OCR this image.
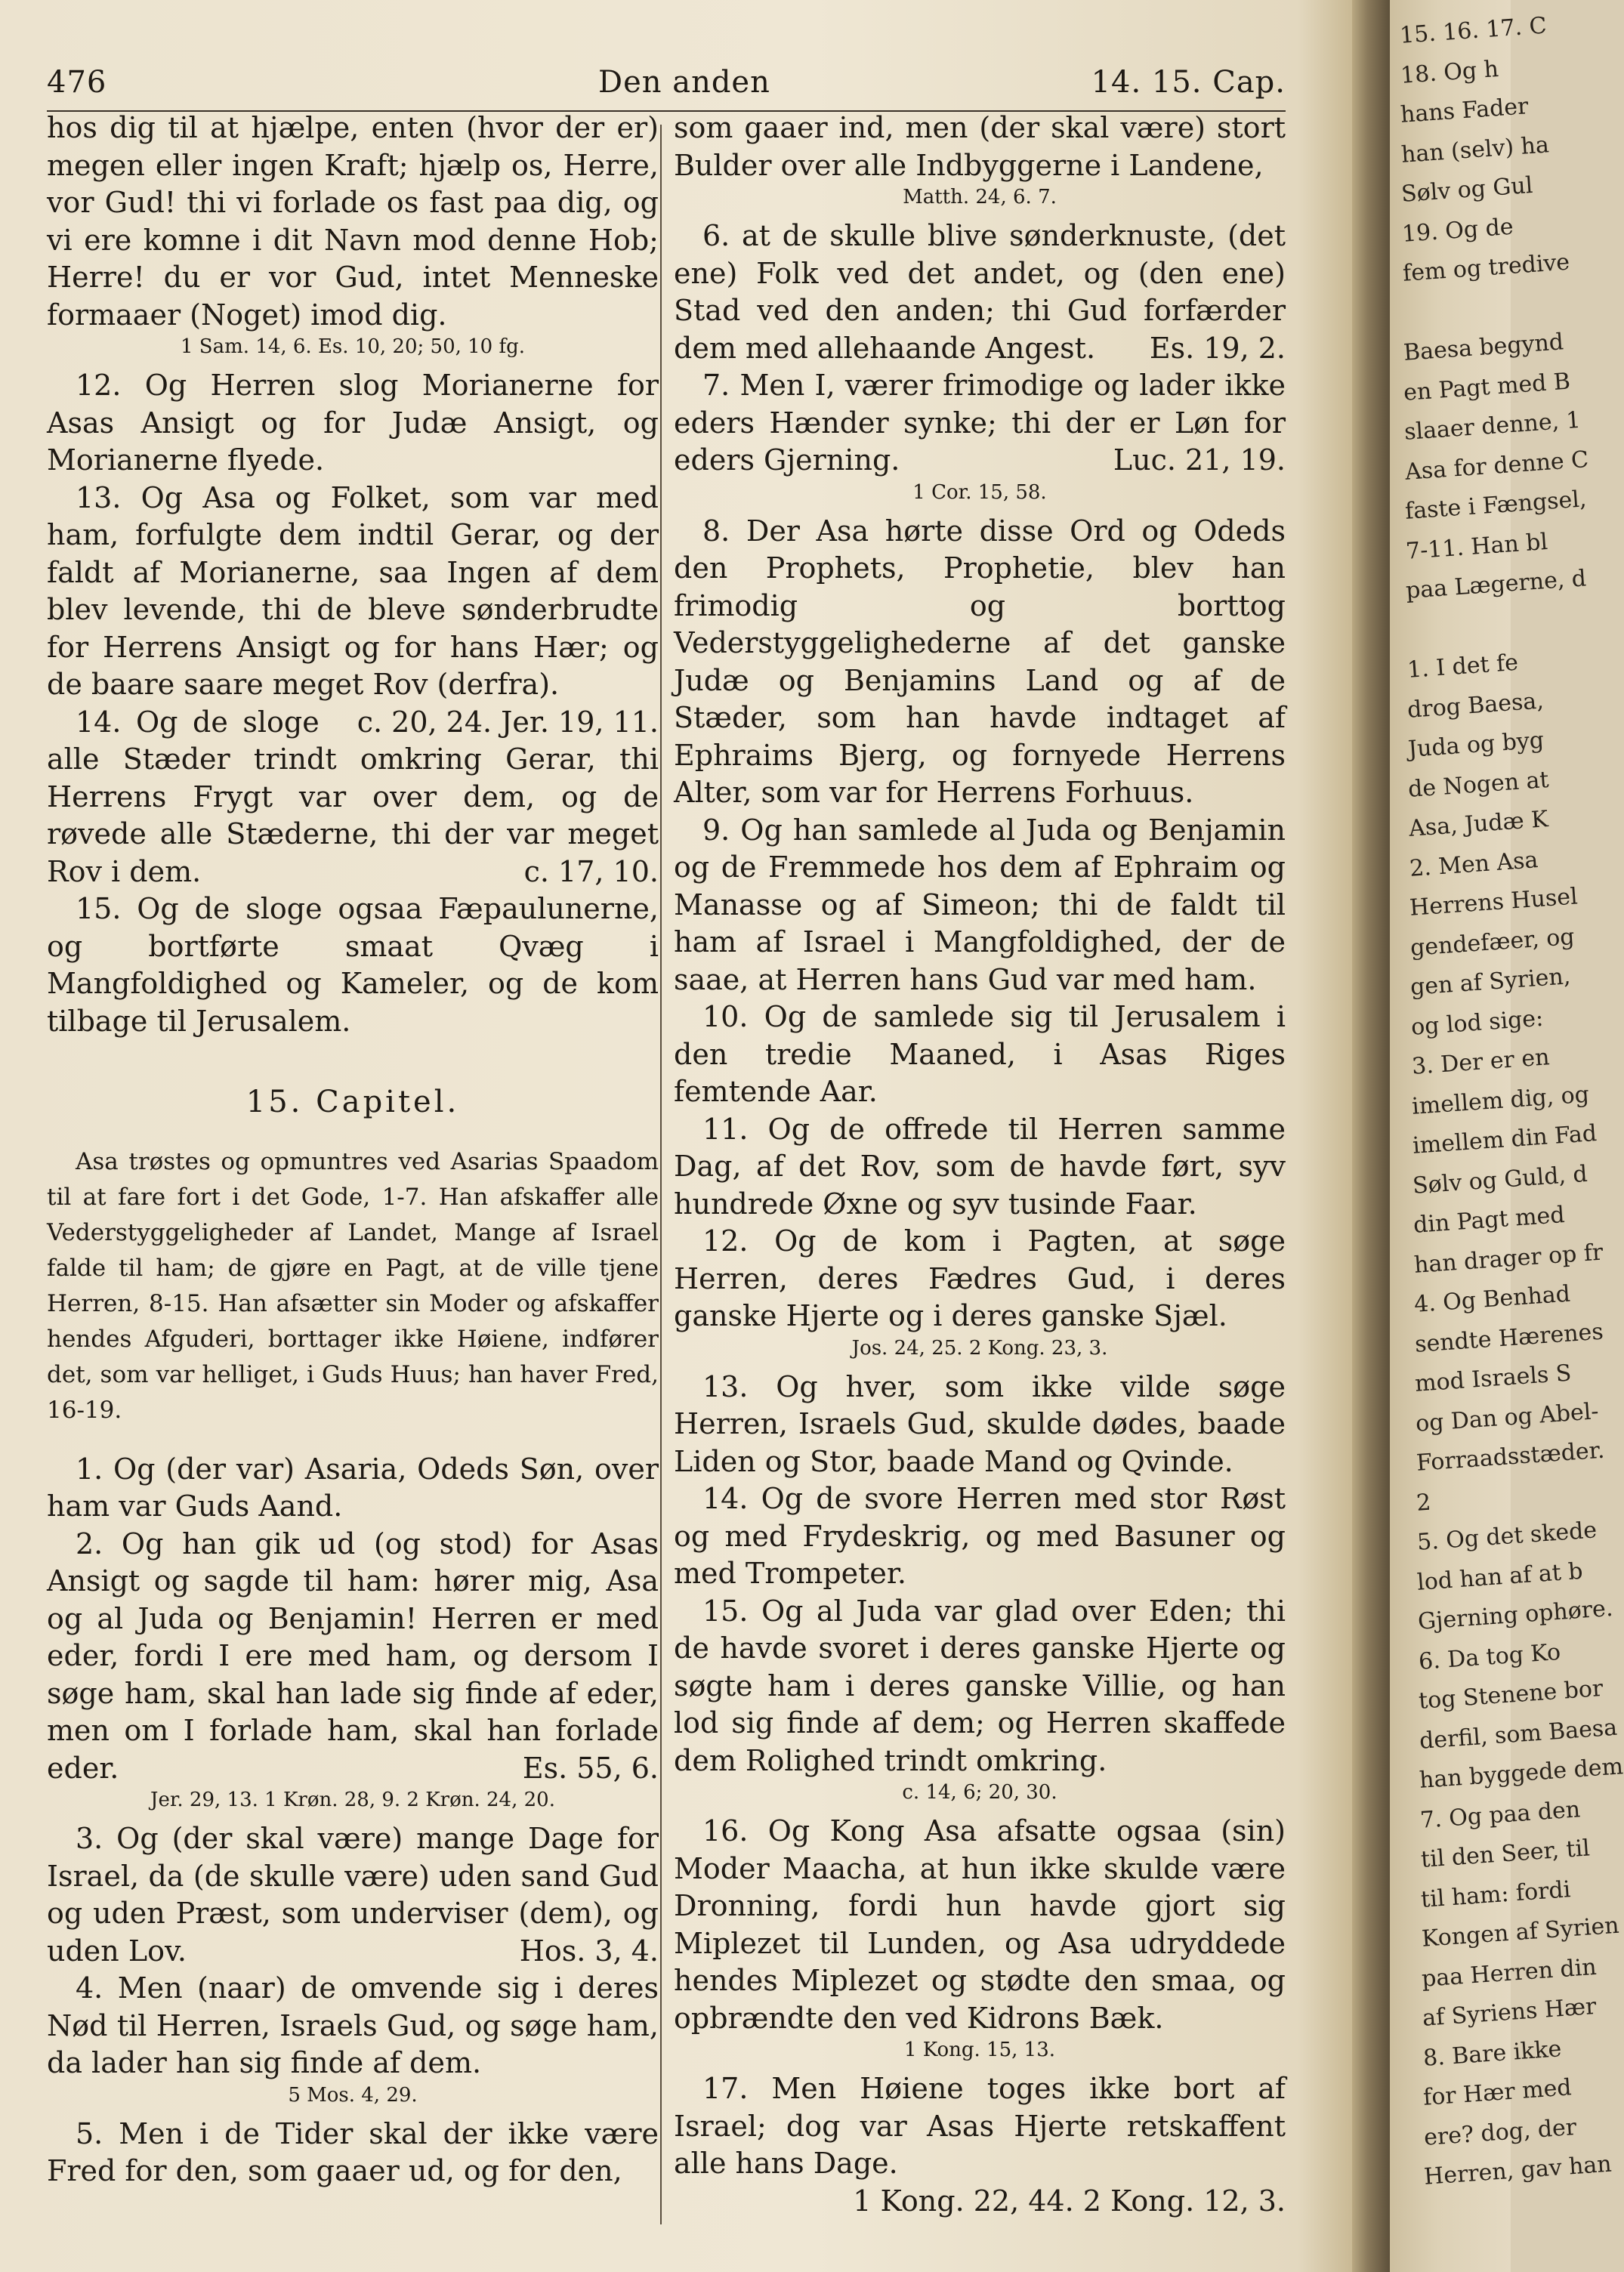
476	Den anden	14. 15. Cap.

hos dig til at hjælpe, enten (hvor der er) megen eller ingen Kraft; hjælp os, Herre, vor Gud! thi vi forlade os fast paa dig, og vi ere komne i dit Navn mod denne Hob; Herre! du er vor Gud, intet Menneske formaaer (Noget) imod dig.

1 Sam. 14, 6. Es. 10, 20; 50, 10 fg.

12. Og Herren slog Morianerne for Asas Ansigt og for Judæ Ansigt, og Morianerne flyede.

13. Og Asa og Folket, som var med ham, forfulgte dem indtil Gerar, og der faldt af Morianerne, saa Ingen af dem blev levende, thi de bleve sønderbrudte for Herrens Ansigt og for hans Hær; og de baare saare meget Rov (derfra).
c. 20, 24. Jer. 19, 11.

14. Og de sloge alle Stæder trindt omkring Gerar, thi Herrens Frygt var over dem, og de røvede alle Stæderne, thi der var meget Rov i dem.	c. 17, 10.

15. Og de sloge ogsaa Fæpaulunerne, og bortførte smaat Qvæg i Mangfoldighed og Kameler, og de kom tilbage til Jerusalem.

15. Capitel.

Asa trøstes og opmuntres ved Asarias Spaadom til at fare fort i det Gode, 1-7. Han afskaffer alle Vederstyggeligheder af Landet, Mange af Israel falde til ham; de gjøre en Pagt, at de ville tjene Herren, 8-15. Han afsætter sin Moder og afskaffer hendes Afguderi, borttager ikke Høiene, indfører det, som var helliget, i Guds Huus; han haver Fred, 16-19.

1. Og (der var) Asaria, Odeds Søn, over ham var Guds Aand.

2. Og han gik ud (og stod) for Asas Ansigt og sagde til ham: hører mig, Asa og al Juda og Benjamin! Herren er med eder, fordi I ere med ham, og dersom I søge ham, skal han lade sig finde af eder, men om I forlade ham, skal han forlade eder.	Es. 55, 6.

Jer. 29, 13. 1 Krøn. 28, 9. 2 Krøn. 24, 20.

3. Og (der skal være) mange Dage for Israel, da (de skulle være) uden sand Gud og uden Præst, som underviser (dem), og uden Lov.	Hos. 3, 4.

4. Men (naar) de omvende sig i deres Nød til Herren, Israels Gud, og søge ham, da lader han sig finde af dem.

5 Mos. 4, 29.

5. Men i de Tider skal der ikke være Fred for den, som gaaer ud, og for den,

som gaaer ind, men (der skal være) stort Bulder over alle Indbyggerne i Landene,

Matth. 24, 6. 7.

6. at de skulle blive sønderknuste, (det ene) Folk ved det andet, og (den ene) Stad ved den anden; thi Gud forfærder dem med allehaande Angest.	Es. 19, 2.

7. Men I, værer frimodige og lader ikke eders Hænder synke; thi der er Løn for eders Gjerning.	Luc. 21, 19.

1 Cor. 15, 58.

8. Der Asa hørte disse Ord og Odeds den Prophets, Prophetie, blev han frimodig og borttog Vederstyggelighederne af det ganske Judæ og Benjamins Land og af de Stæder, som han havde indtaget af Ephraims Bjerg, og fornyede Herrens Alter, som var for Herrens Forhuus.

9. Og han samlede al Juda og Benjamin og de Fremmede hos dem af Ephraim og Manasse og af Simeon; thi de faldt til ham af Israel i Mangfoldighed, der de saae, at Herren hans Gud var med ham.

10. Og de samlede sig til Jerusalem i den tredie Maaned, i Asas Riges femtende Aar.

11. Og de offrede til Herren samme Dag, af det Rov, som de havde ført, syv hundrede Øxne og syv tusinde Faar.

12. Og de kom i Pagten, at søge Herren, deres Fædres Gud, i deres ganske Hjerte og i deres ganske Sjæl.

Jos. 24, 25. 2 Kong. 23, 3.

13. Og hver, som ikke vilde søge Herren, Israels Gud, skulde dødes, baade Liden og Stor, baade Mand og Qvinde.

14. Og de svore Herren med stor Røst og med Frydeskrig, og med Basuner og med Trompeter.

15. Og al Juda var glad over Eden; thi de havde svoret i deres ganske Hjerte og søgte ham i deres ganske Villie, og han lod sig finde af dem; og Herren skaffede dem Rolighed trindt omkring.

c. 14, 6; 20, 30.

16. Og Kong Asa afsatte ogsaa (sin) Moder Maacha, at hun ikke skulde være Dronning, fordi hun havde gjort sig Miplezet til Lunden, og Asa udryddede hendes Miplezet og stødte den smaa, og opbrændte den ved Kidrons Bæk.

1 Kong. 15, 13.

17. Men Høiene toges ikke bort af Israel; dog var Asas Hjerte retskaffent alle hans Dage.
1 Kong. 22, 44. 2 Kong. 12, 3.

15. 16. 17. C
18. Og h
hans Fader
han (selv) ha
Sølv og Gul
19. Og de
fem og tredive
Baesa begynd
en Pagt med B
slaaer denne, 1
Asa for denne C
faste i Fængsel,
7-11. Han bl
paa Lægerne, d
1. I det fe
drog Baesa,
Juda og byg
de Nogen at
Asa, Judæ K
2. Men Asa
Herrens Husel
gendefæer, og
gen af Syrien,
og lod sige:
3. Der er en
imellem dig, og
imellem din Fad
Sølv og Guld, d
din Pagt med
han drager op fr
4. Og Benhad
sendte Hærenes
mod Israels S
og Dan og Abel-
Forraadsstæder.
2
5. Og det skede
lod han af at b
Gjerning ophøre.
6. Da tog Ko
tog Stenene bor
derfil, som Baesa
han byggede dem
7. Og paa den
til den Seer, til
til ham: fordi
Kongen af Syrien
paa Herren din
af Syriens Hær
8. Bare ikke
for Hær med
ere? dog, der
Herren, gav han
